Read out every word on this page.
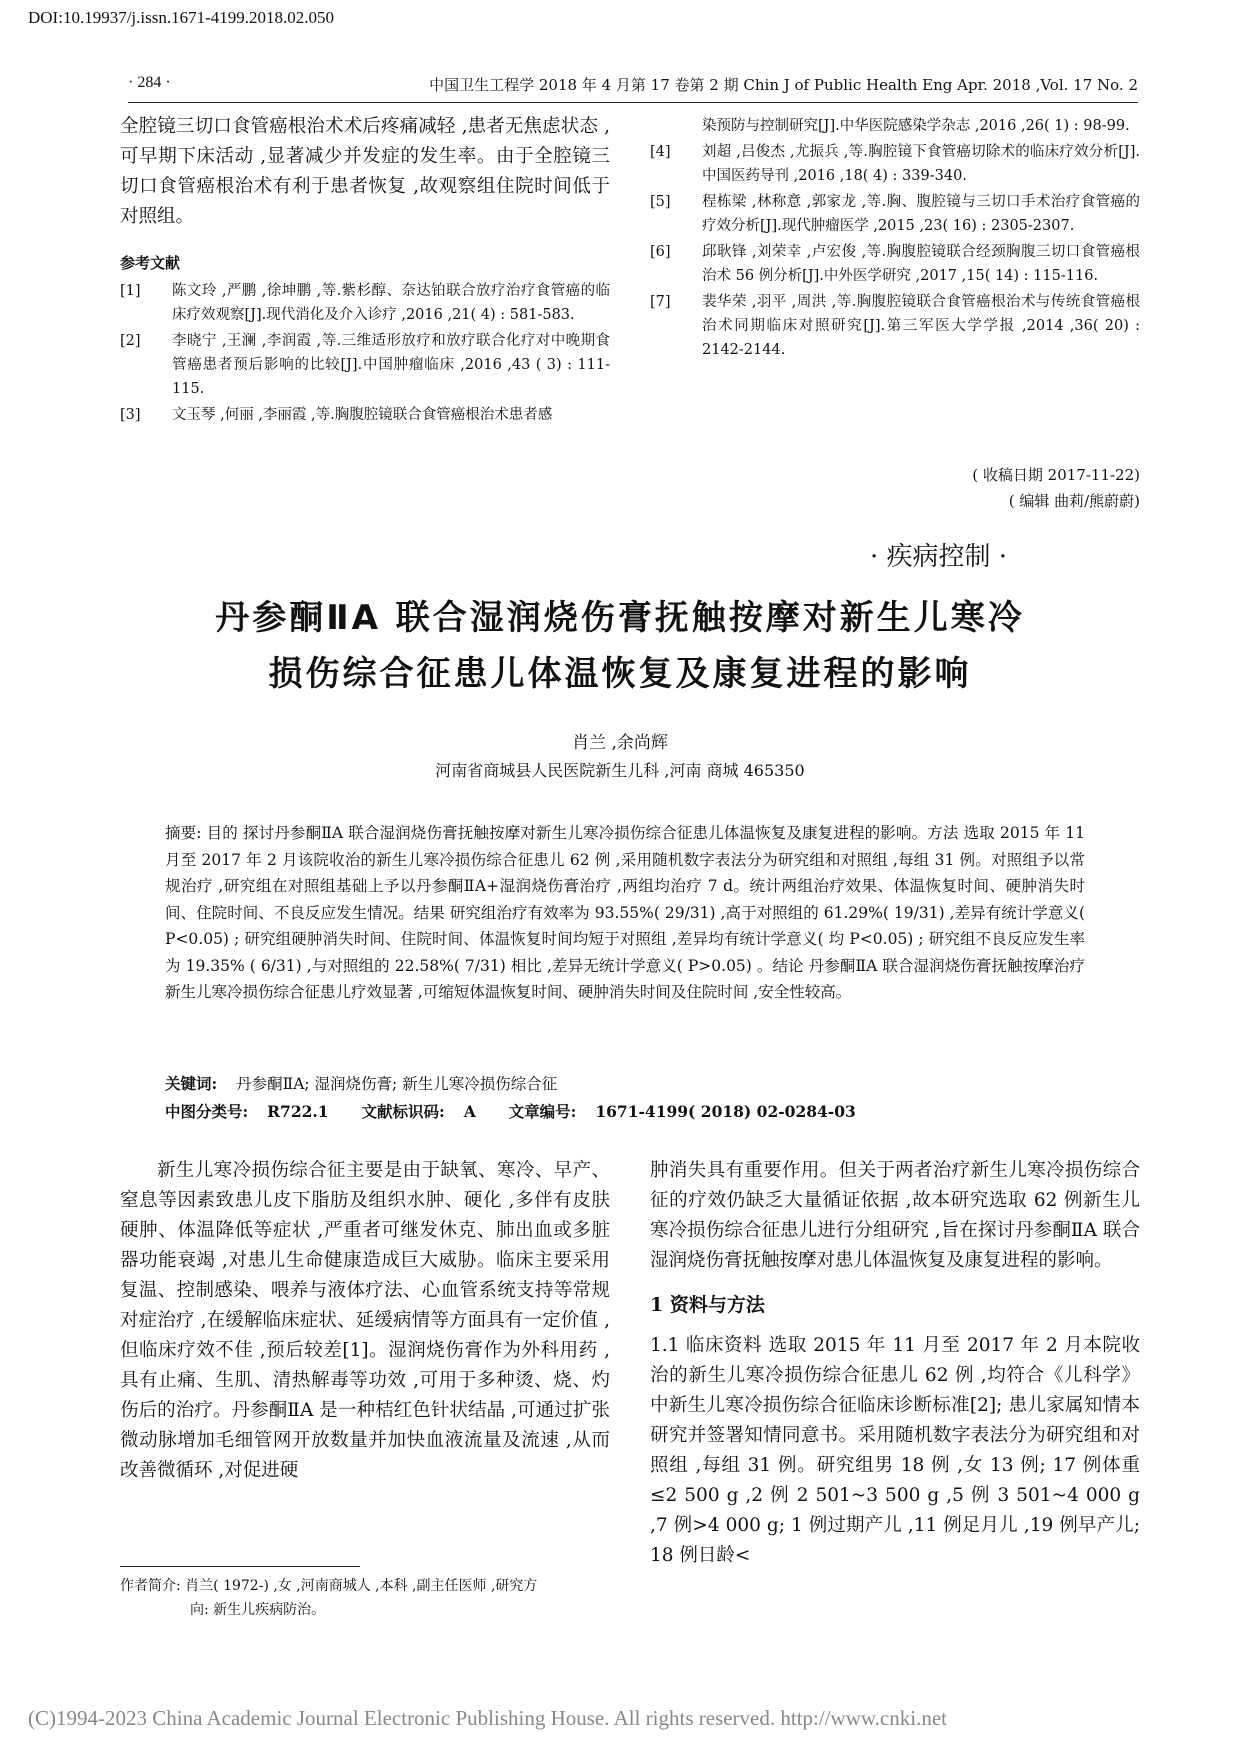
DOI:10.19937/j.issn.1671-4199.2018.02.050
· 284 ·	中国卫生工程学 2018 年 4 月第 17 卷第 2 期 Chin J of Public Health Eng Apr. 2018 ,Vol. 17 No. 2

全腔镜三切口食管癌根治术术后疼痛减轻 ,患者无焦虑状态 ,可早期下床活动 ,显著减少并发症的发生率。由于全腔镜三切口食管癌根治术有利于患者恢复 ,故观察组住院时间低于对照组。

参考文献

[1] 陈文玲 ,严鹏 ,徐坤鹏 ,等.紫杉醇、奈达铂联合放疗治疗食管癌的临床疗效观察[J].现代消化及介入诊疗 ,2016 ,21( 4) : 581-583.

[2] 李晓宁 ,王澜 ,李润霞 ,等.三维适形放疗和放疗联合化疗对中晚期食管癌患者预后影响的比较[J].中国肿瘤临床 ,2016 ,43 ( 3) : 111-115.

[3] 文玉琴 ,何丽 ,李丽霞 ,等.胸腹腔镜联合食管癌根治术患者感

染预防与控制研究[J].中华医院感染学杂志 ,2016 ,26( 1) : 98-99.

[4] 刘超 ,吕俊杰 ,尤振兵 ,等.胸腔镜下食管癌切除术的临床疗效分析[J].中国医药导刊 ,2016 ,18( 4) : 339-340.

[5] 程栋梁 ,林称意 ,郭家龙 ,等.胸、腹腔镜与三切口手术治疗食管癌的疗效分析[J].现代肿瘤医学 ,2015 ,23( 16) : 2305-2307.

[6] 邱耿锋 ,刘荣幸 ,卢宏俊 ,等.胸腹腔镜联合经颈胸腹三切口食管癌根治术 56 例分析[J].中外医学研究 ,2017 ,15( 14) : 115-116.

[7] 裴华荣 ,羽平 ,周洪 ,等.胸腹腔镜联合食管癌根治术与传统食管癌根治术同期临床对照研究[J].第三军医大学学报 ,2014 ,36( 20) : 2142-2144.

( 收稿日期 2017-11-22)
( 编辑 曲莉/熊蔚蔚)
· 疾病控制 ·
丹参酮ⅡA 联合湿润烧伤膏抚触按摩对新生儿寒冷
损伤综合征患儿体温恢复及康复进程的影响
肖兰 ,余尚辉
河南省商城县人民医院新生儿科 ,河南 商城 465350

摘要: 目的 探讨丹参酮ⅡA 联合湿润烧伤膏抚触按摩对新生儿寒冷损伤综合征患儿体温恢复及康复进程的影响。方法 选取 2015 年 11 月至 2017 年 2 月该院收治的新生儿寒冷损伤综合征患儿 62 例 ,采用随机数字表法分为研究组和对照组 ,每组 31 例。对照组予以常规治疗 ,研究组在对照组基础上予以丹参酮ⅡA+湿润烧伤膏治疗 ,两组均治疗 7 d。统计两组治疗效果、体温恢复时间、硬肿消失时间、住院时间、不良反应发生情况。结果 研究组治疗有效率为 93.55%( 29/31) ,高于对照组的 61.29%( 19/31) ,差异有统计学意义( P<0.05) ; 研究组硬肿消失时间、住院时间、体温恢复时间均短于对照组 ,差异均有统计学意义( 均 P<0.05) ; 研究组不良反应发生率为 19.35% ( 6/31) ,与对照组的 22.58%( 7/31) 相比 ,差异无统计学意义( P>0.05) 。结论 丹参酮ⅡA 联合湿润烧伤膏抚触按摩治疗新生儿寒冷损伤综合征患儿疗效显著 ,可缩短体温恢复时间、硬肿消失时间及住院时间 ,安全性较高。

关键词: 丹参酮ⅡA; 湿润烧伤膏; 新生儿寒冷损伤综合征
中图分类号: R722.1 文献标识码: A 文章编号: 1671-4199( 2018) 02-0284-03

新生儿寒冷损伤综合征主要是由于缺氧、寒冷、早产、窒息等因素致患儿皮下脂肪及组织水肿、硬化 ,多伴有皮肤硬肿、体温降低等症状 ,严重者可继发休克、肺出血或多脏器功能衰竭 ,对患儿生命健康造成巨大威胁。临床主要采用复温、控制感染、喂养与液体疗法、心血管系统支持等常规对症治疗 ,在缓解临床症状、延缓病情等方面具有一定价值 ,但临床疗效不佳 ,预后较差[1]。湿润烧伤膏作为外科用药 ,具有止痛、生肌、清热解毒等功效 ,可用于多种烫、烧、灼伤后的治疗。丹参酮ⅡA 是一种桔红色针状结晶 ,可通过扩张微动脉增加毛细管网开放数量并加快血液流量及流速 ,从而改善微循环 ,对促进硬

肿消失具有重要作用。但关于两者治疗新生儿寒冷损伤综合征的疗效仍缺乏大量循证依据 ,故本研究选取 62 例新生儿寒冷损伤综合征患儿进行分组研究 ,旨在探讨丹参酮ⅡA 联合湿润烧伤膏抚触按摩对患儿体温恢复及康复进程的影响。

1 资料与方法

1.1 临床资料 选取 2015 年 11 月至 2017 年 2 月本院收治的新生儿寒冷损伤综合征患儿 62 例 ,均符合《儿科学》中新生儿寒冷损伤综合征临床诊断标准[2]; 患儿家属知情本研究并签署知情同意书。采用随机数字表法分为研究组和对照组 ,每组 31 例。研究组男 18 例 ,女 13 例; 17 例体重≤2 500 g ,2 例 2 501~3 500 g ,5 例 3 501~4 000 g ,7 例>4 000 g; 1 例过期产儿 ,11 例足月儿 ,19 例早产儿; 18 例日龄<

作者简介: 肖兰( 1972-) ,女 ,河南商城人 ,本科 ,副主任医师 ,研究方
向: 新生儿疾病防治。
(C)1994-2023 China Academic Journal Electronic Publishing House. All rights reserved. http://www.cnki.net
